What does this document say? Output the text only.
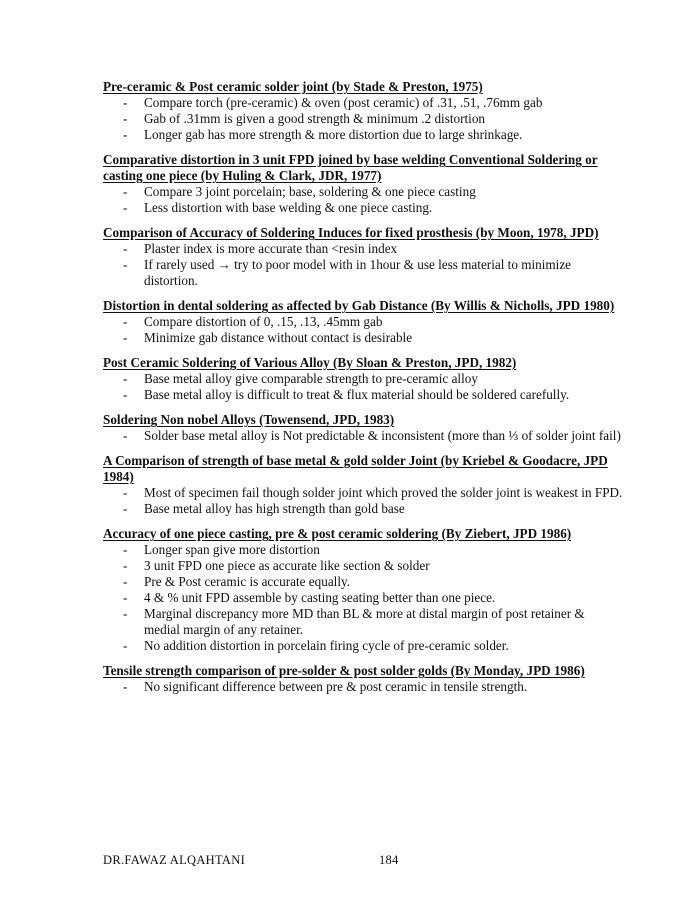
Pre-ceramic & Post ceramic solder joint (by Stade & Preston, 1975)
- Compare torch (pre-ceramic) & oven (post ceramic) of .31, .51, .76mm gab
- Gab of .31mm is given a good strength & minimum .2 distortion
- Longer gab has more strength & more distortion due to large shrinkage.
Comparative distortion in 3 unit FPD joined by base welding Conventional Soldering or casting one piece (by Huling & Clark, JDR, 1977)
- Compare 3 joint porcelain; base, soldering & one piece casting
- Less distortion with base welding & one piece casting.
Comparison of Accuracy of Soldering Induces for fixed prosthesis (by Moon, 1978, JPD)
- Plaster index is more accurate than <resin index
- If rarely used → try to poor model with in 1hour & use less material to minimize distortion.
Distortion in dental soldering as affected by Gab Distance (By Willis & Nicholls, JPD 1980)
- Compare distortion of 0, .15, .13, .45mm gab
- Minimize gab distance without contact is desirable
Post Ceramic Soldering of Various Alloy (By Sloan & Preston, JPD, 1982)
- Base metal alloy give comparable strength to pre-ceramic alloy
- Base metal alloy is difficult to treat & flux material should be soldered carefully.
Soldering Non nobel Alloys (Towensend, JPD, 1983)
- Solder base metal alloy is Not predictable & inconsistent (more than ⅓ of solder joint fail)
A Comparison of strength of base metal & gold solder Joint (by Kriebel & Goodacre, JPD 1984)
- Most of specimen fail though solder joint which proved the solder joint is weakest in FPD.
- Base metal alloy has high strength than gold base
Accuracy of one piece casting, pre & post ceramic soldering (By Ziebert, JPD 1986)
- Longer span give more distortion
- 3 unit FPD one piece as accurate like section & solder
- Pre & Post ceramic is accurate equally.
- 4 & % unit FPD assemble by casting seating better than one piece.
- Marginal discrepancy more MD than BL & more at distal margin of post retainer & medial margin of any retainer.
- No addition distortion in porcelain firing cycle of pre-ceramic solder.
Tensile strength comparison of pre-solder & post solder golds (By Monday, JPD 1986)
- No significant difference between pre & post ceramic in tensile strength.
DR.FAWAZ ALQAHTANI	184
